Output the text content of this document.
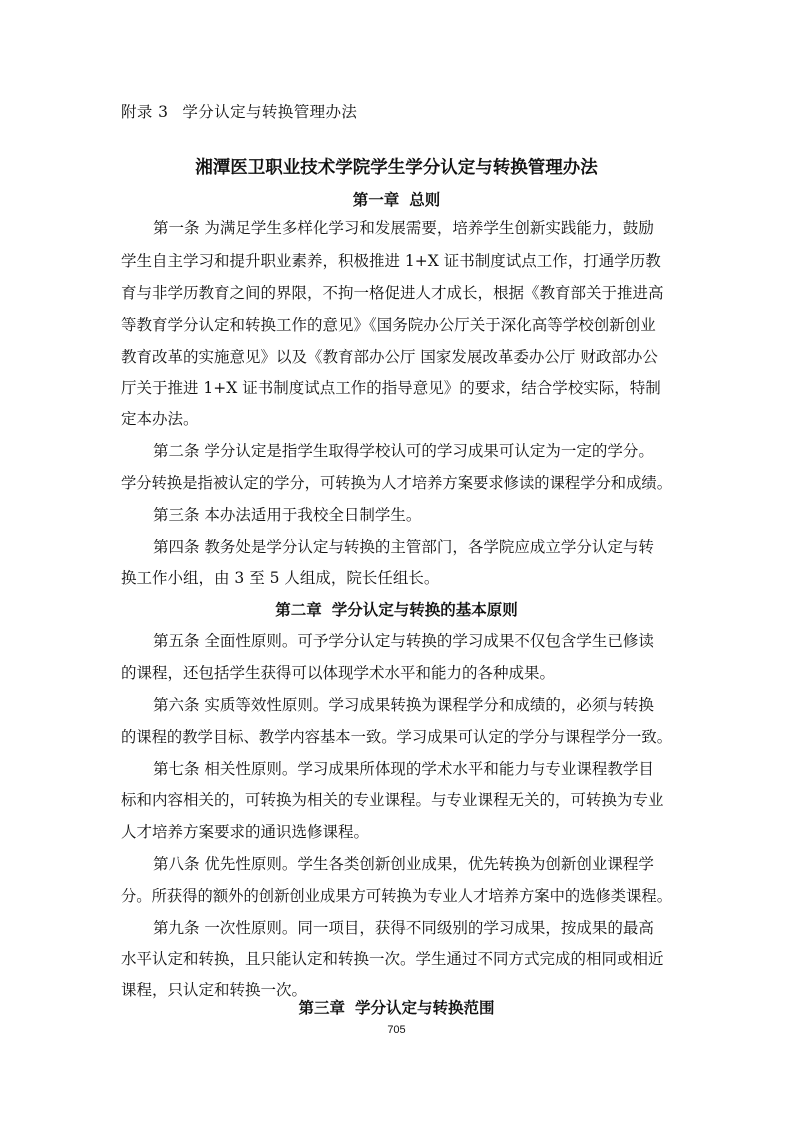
附录 3 学分认定与转换管理办法
湘潭医卫职业技术学院学生学分认定与转换管理办法
第一章 总则
第一条 为满足学生多样化学习和发展需要，培养学生创新实践能力，鼓励
学生自主学习和提升职业素养，积极推进 1+X 证书制度试点工作，打通学历教
育与非学历教育之间的界限，不拘一格促进人才成长，根据《教育部关于推进高
等教育学分认定和转换工作的意见》《国务院办公厅关于深化高等学校创新创业
教育改革的实施意见》以及《教育部办公厅 国家发展改革委办公厅 财政部办公
厅关于推进 1+X 证书制度试点工作的指导意见》的要求，结合学校实际，特制
定本办法。
第二条 学分认定是指学生取得学校认可的学习成果可认定为一定的学分。
学分转换是指被认定的学分，可转换为人才培养方案要求修读的课程学分和成绩。
第三条 本办法适用于我校全日制学生。
第四条 教务处是学分认定与转换的主管部门，各学院应成立学分认定与转
换工作小组，由 3 至 5 人组成，院长任组长。
第二章 学分认定与转换的基本原则
第五条 全面性原则。可予学分认定与转换的学习成果不仅包含学生已修读
的课程，还包括学生获得可以体现学术水平和能力的各种成果。
第六条 实质等效性原则。学习成果转换为课程学分和成绩的，必须与转换
的课程的教学目标、教学内容基本一致。学习成果可认定的学分与课程学分一致。
第七条 相关性原则。学习成果所体现的学术水平和能力与专业课程教学目
标和内容相关的，可转换为相关的专业课程。与专业课程无关的，可转换为专业
人才培养方案要求的通识选修课程。
第八条 优先性原则。学生各类创新创业成果，优先转换为创新创业课程学
分。所获得的额外的创新创业成果方可转换为专业人才培养方案中的选修类课程。
第九条 一次性原则。同一项目，获得不同级别的学习成果，按成果的最高
水平认定和转换，且只能认定和转换一次。学生通过不同方式完成的相同或相近
课程，只认定和转换一次。
第三章 学分认定与转换范围
705
